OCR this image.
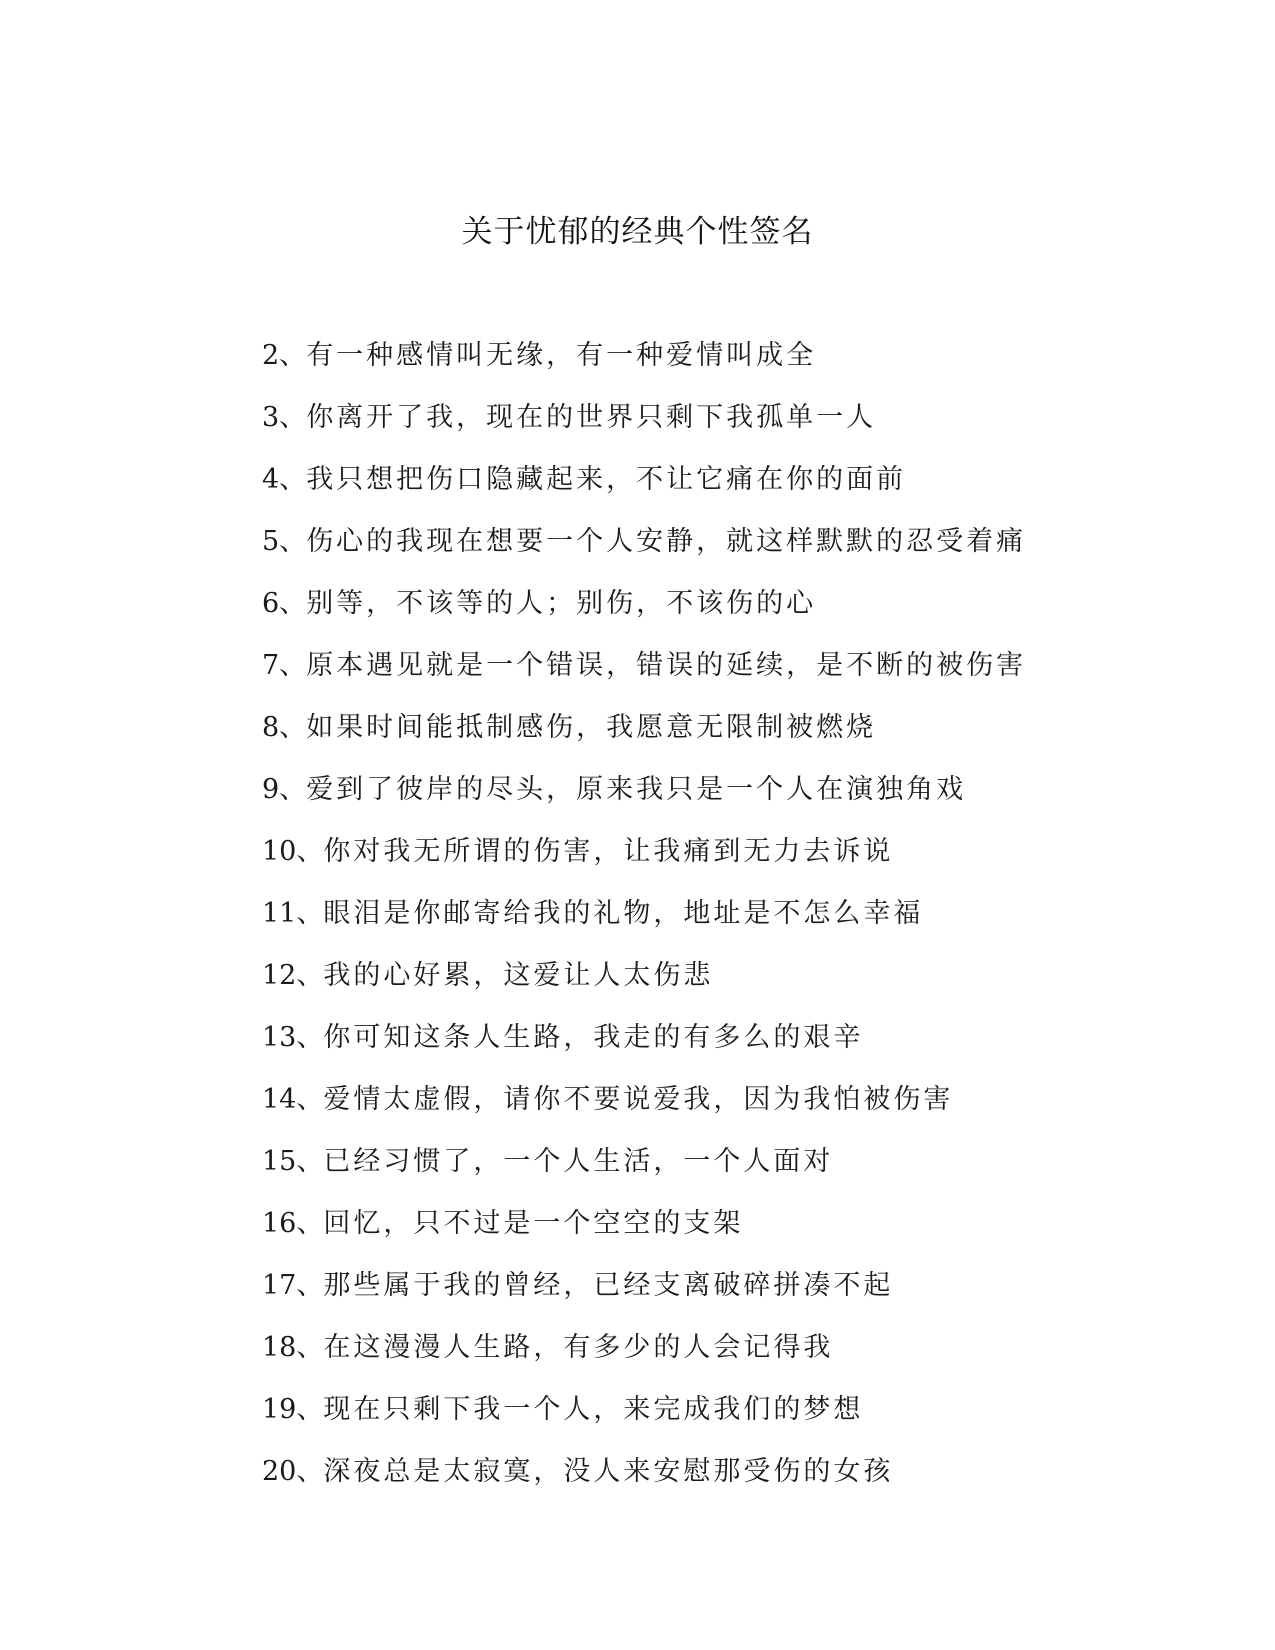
关于忧郁的经典个性签名
2、有一种感情叫无缘，有一种爱情叫成全
3、你离开了我，现在的世界只剩下我孤单一人
4、我只想把伤口隐藏起来，不让它痛在你的面前
5、伤心的我现在想要一个人安静，就这样默默的忍受着痛
6、别等，不该等的人；别伤，不该伤的心
7、原本遇见就是一个错误，错误的延续，是不断的被伤害
8、如果时间能抵制感伤，我愿意无限制被燃烧
9、爱到了彼岸的尽头，原来我只是一个人在演独角戏
10、你对我无所谓的伤害，让我痛到无力去诉说
11、眼泪是你邮寄给我的礼物，地址是不怎么幸福
12、我的心好累，这爱让人太伤悲
13、你可知这条人生路，我走的有多么的艰辛
14、爱情太虚假，请你不要说爱我，因为我怕被伤害
15、已经习惯了，一个人生活，一个人面对
16、回忆，只不过是一个空空的支架
17、那些属于我的曾经，已经支离破碎拼凑不起
18、在这漫漫人生路，有多少的人会记得我
19、现在只剩下我一个人，来完成我们的梦想
20、深夜总是太寂寞，没人来安慰那受伤的女孩
